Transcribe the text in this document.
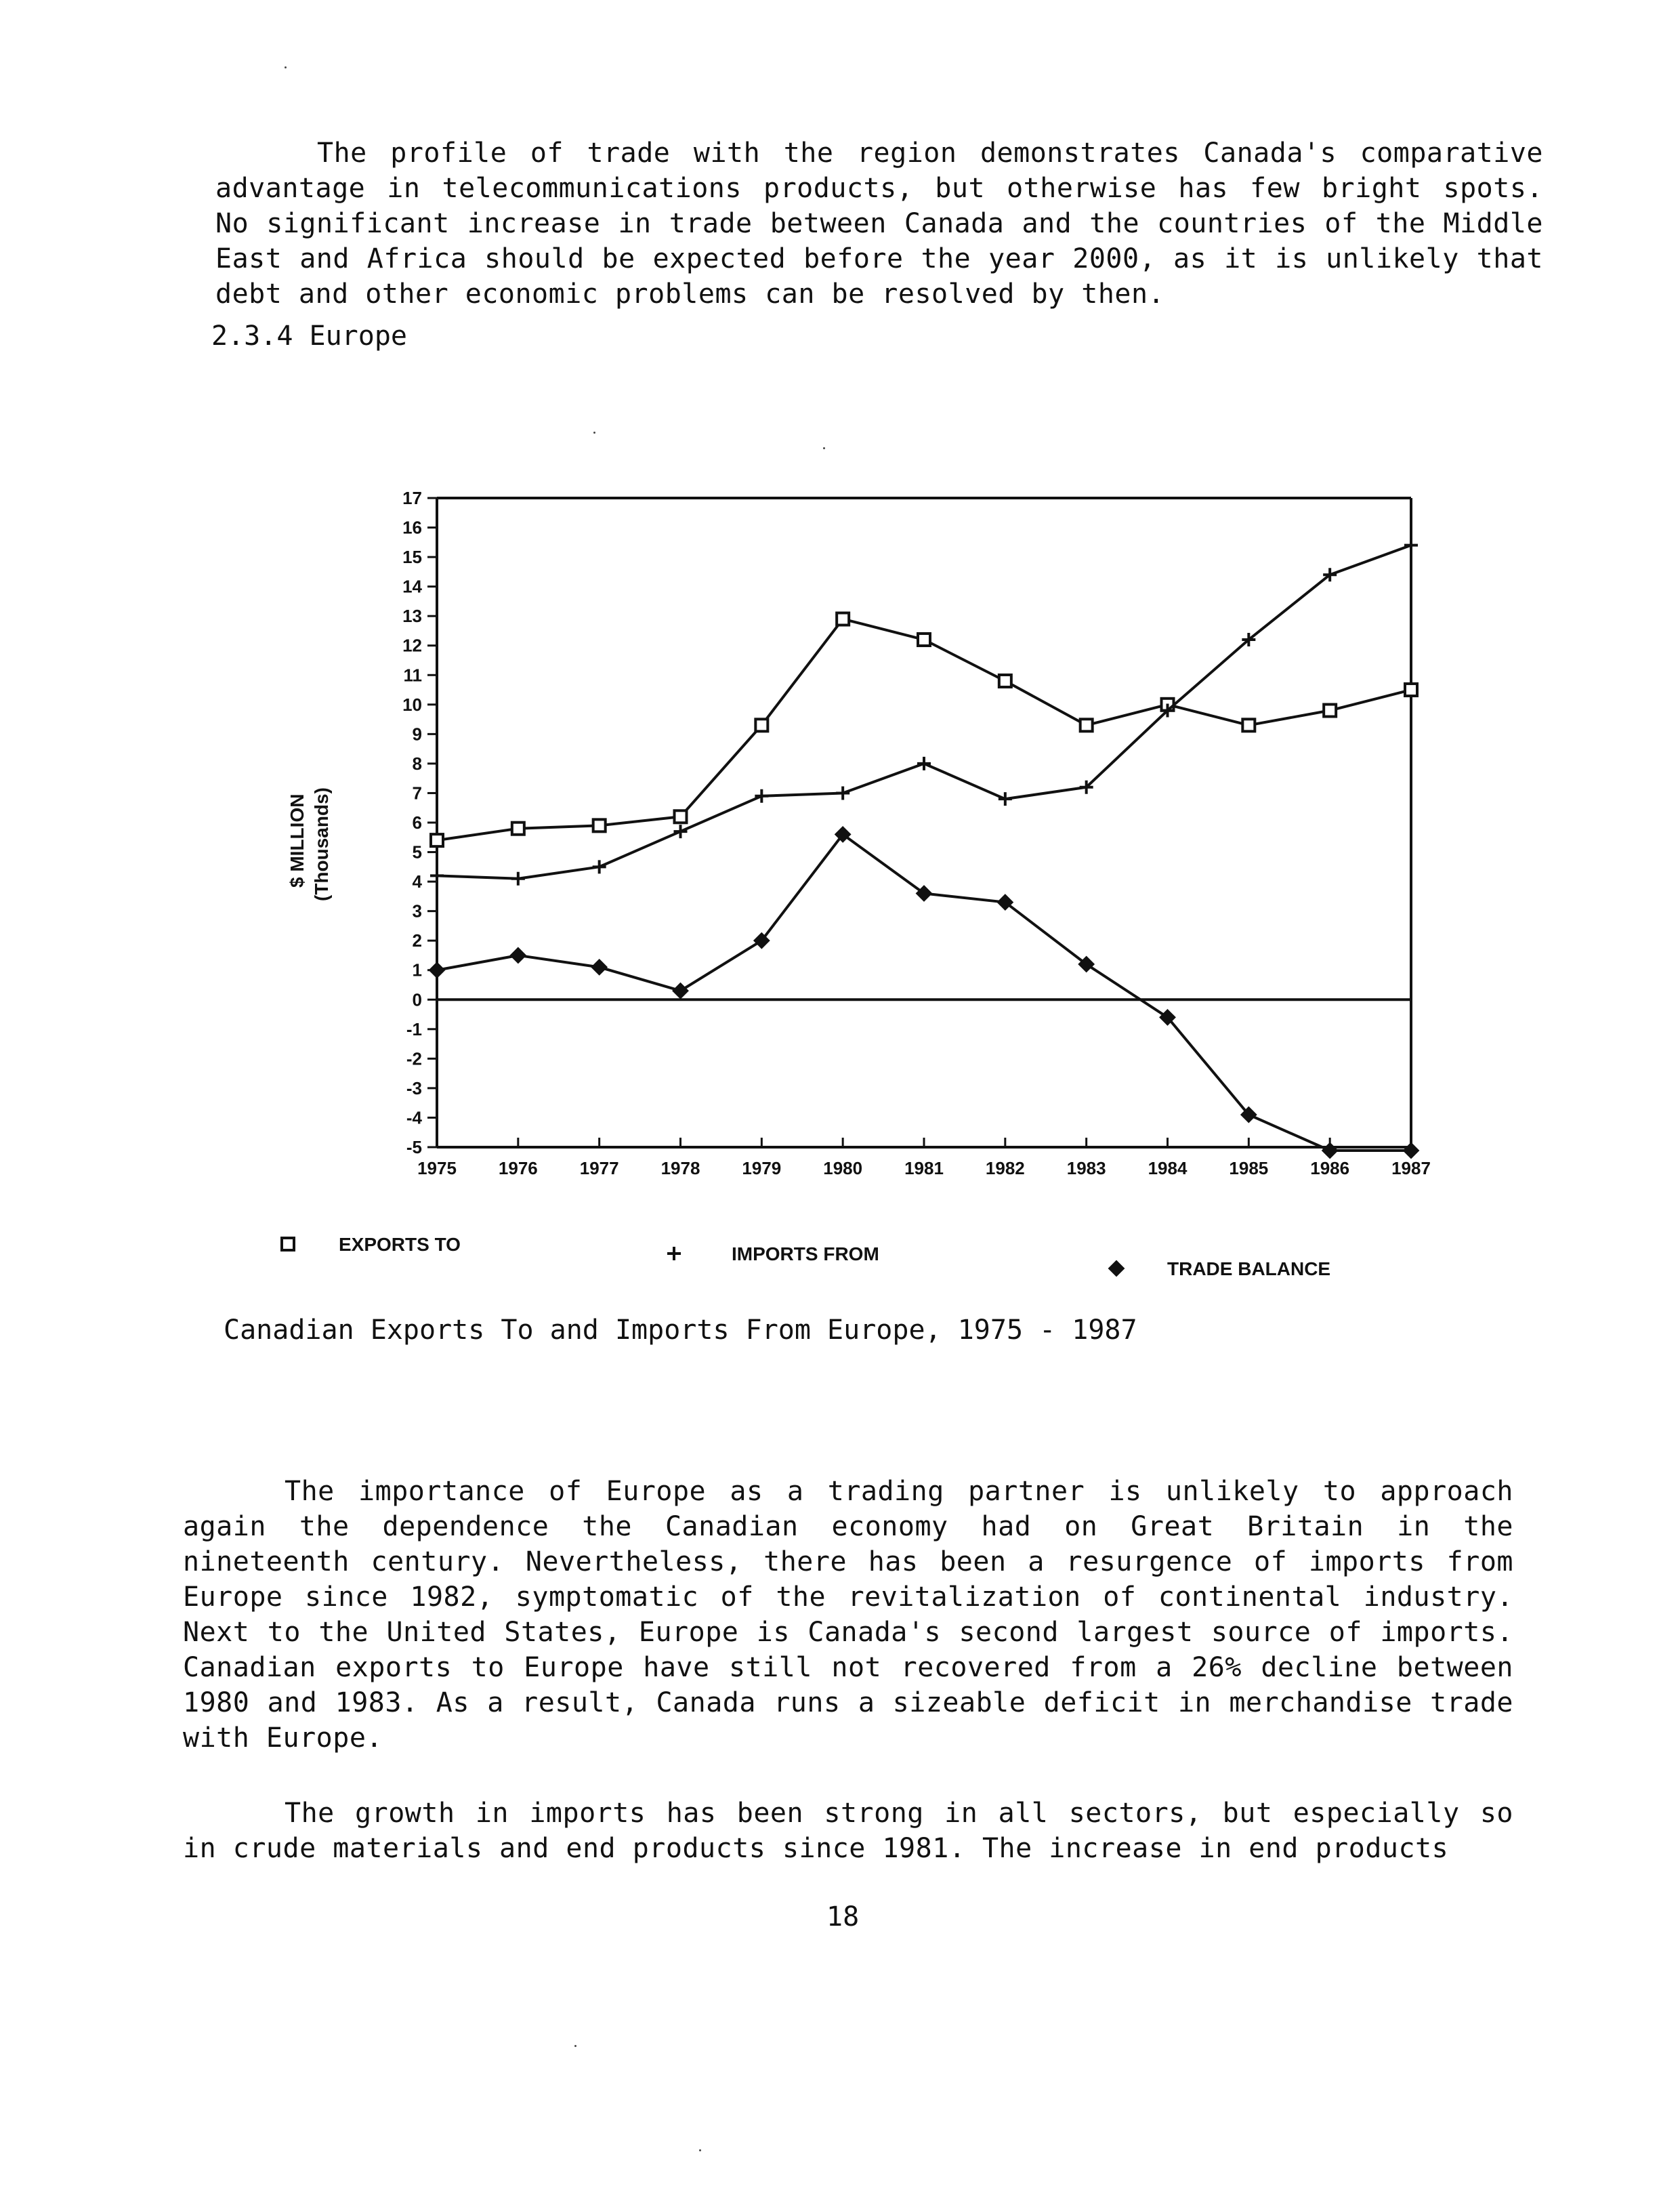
The profile of trade with the region demonstrates Canada's comparative advantage in telecommunications products, but otherwise has few bright spots. No significant increase in trade between Canada and the countries of the Middle East and Africa should be expected before the year 2000, as it is unlikely that debt and other economic problems can be resolved by then.

2.3.4 Europe
17
16
15
14
13
12
11
10
9
8
7
6
5
4
3
2
1
0
-1
-2
-3
-4
-5
1975 1976 1977 1978 1979 1980 1981 1982 1983 1984 1985 1986 1987
EXPORTS TO	IMPORTS FROM
TRADE BALANCE
$ MILLION (Thousands)
Canadian Exports To and Imports From Europe, 1975 - 1987

The importance of Europe as a trading partner is unlikely to approach again the dependence the Canadian economy had on Great Britain in the nineteenth century. Nevertheless, there has been a resurgence of imports from Europe since 1982, symptomatic of the revitalization of continental industry. Next to the United States, Europe is Canada's second largest source of imports. Canadian exports to Europe have still not recovered from a 26% decline between 1980 and 1983. As a result, Canada runs a sizeable deficit in merchandise trade with Europe.

The growth in imports has been strong in all sectors, but especially so in crude materials and end products since 1981. The increase in end products

18
